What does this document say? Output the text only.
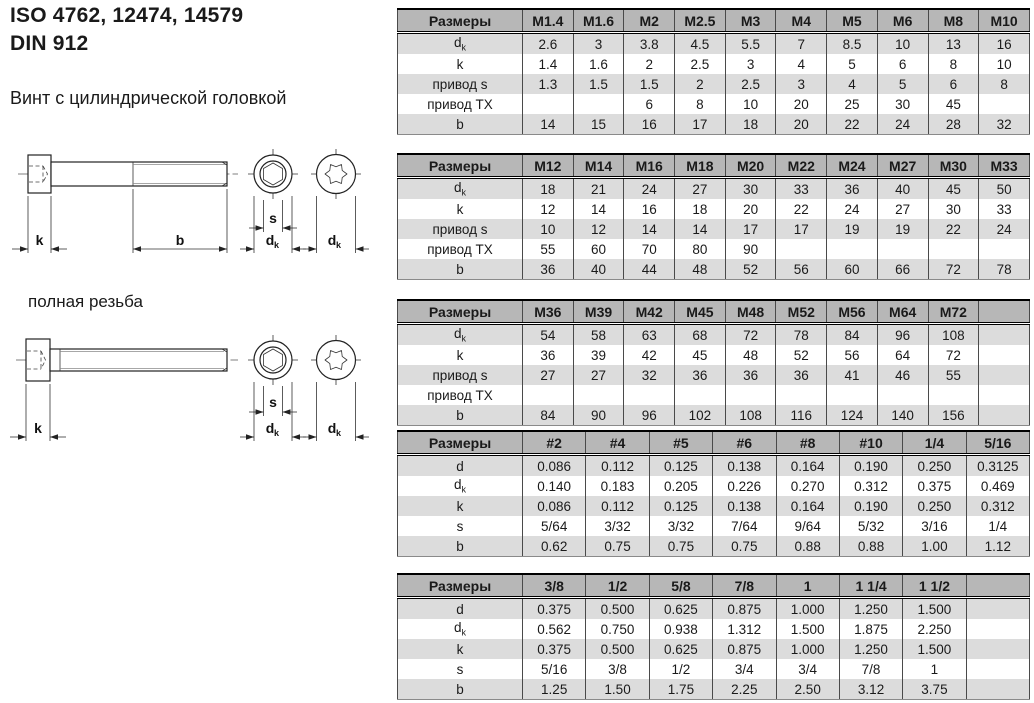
ISO 4762, 12474, 14579
DIN 912
Винт с цилиндрической головкой
полная резьба
k	b
s
d k	d k
k
s
d k	d k
Размеры	M1.4	M1.6	M2	M2.5	M3	M4	M5	M6	M8	M10
$d_k$	2.6	3	3.8	4.5	5.5	7	8.5	10	13	16
k	1.4	1.6	2	2.5	3	4	5	6	8	10
привод s	1.3	1.5	1.5	2	2.5	3	4	5	6	8
привод TX			6	8	10	20	25	30	45	
b	14	15	16	17	18	20	22	24	28	32
Размеры	M12	M14	M16	M18	M20	M22	M24	M27	M30	M33
$d_k$	18	21	24	27	30	33	36	40	45	50
k	12	14	16	18	20	22	24	27	30	33
привод s	10	12	14	14	17	17	19	19	22	24
привод TX	55	60	70	80	90					
b	36	40	44	48	52	56	60	66	72	78
Размеры	M36	M39	M42	M45	M48	M52	M56	M64	M72	
$d_k$	54	58	63	68	72	78	84	96	108	
k	36	39	42	45	48	52	56	64	72	
привод s	27	27	32	36	36	36	41	46	55	
привод TX										
b	84	90	96	102	108	116	124	140	156	
Размеры	#2	#4	#5	#6	#8	#10	1/4	5/16
d	0.086	0.112	0.125	0.138	0.164	0.190	0.250	0.3125
$d_k$	0.140	0.183	0.205	0.226	0.270	0.312	0.375	0.469
k	0.086	0.112	0.125	0.138	0.164	0.190	0.250	0.312
s	5/64	3/32	3/32	7/64	9/64	5/32	3/16	1/4
b	0.62	0.75	0.75	0.75	0.88	0.88	1.00	1.12
Размеры	3/8	1/2	5/8	7/8	1	1 1/4	1 1/2	
d	0.375	0.500	0.625	0.875	1.000	1.250	1.500	
$d_k$	0.562	0.750	0.938	1.312	1.500	1.875	2.250	
k	0.375	0.500	0.625	0.875	1.000	1.250	1.500	
s	5/16	3/8	1/2	3/4	3/4	7/8	1	
b	1.25	1.50	1.75	2.25	2.50	3.12	3.75	
